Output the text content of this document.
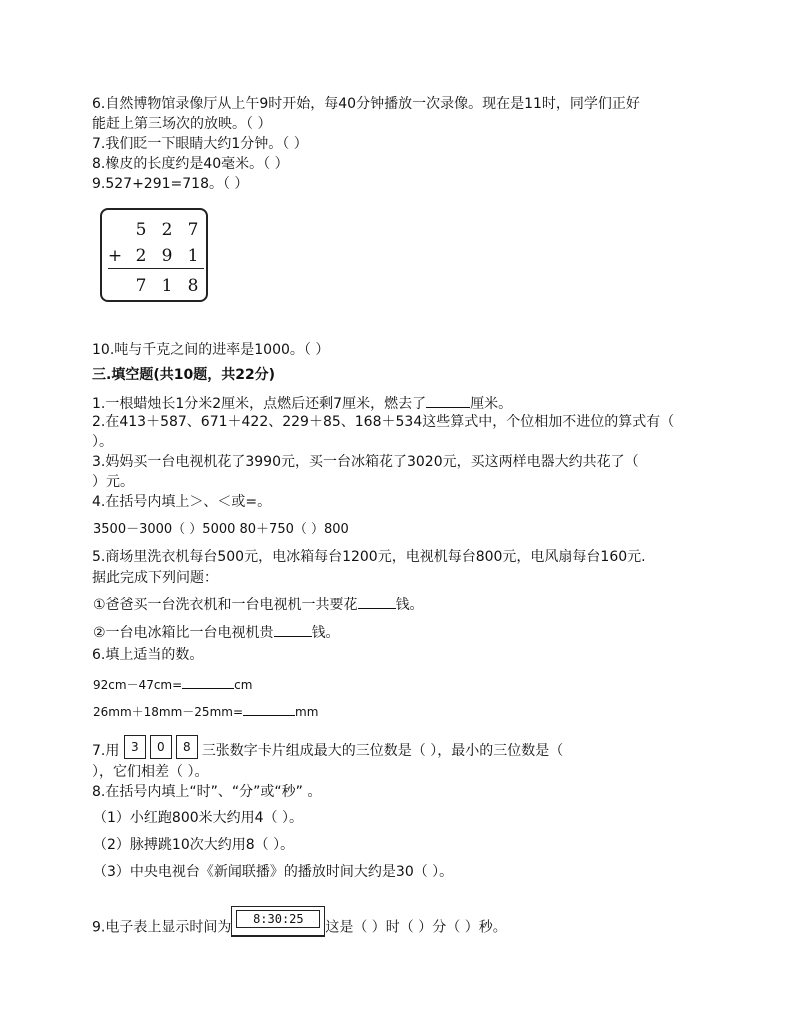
6.自然博物馆录像厅从上午9时开始，每40分钟播放一次录像。现在是11时，同学们正好
能赶上第三场次的放映。（ ）
7.我们眨一下眼睛大约1分钟。（ ）
8.橡皮的长度约是40毫米。（ ）
9.527+291=718。（ ）
5 2 7
+ 2 9 1
7 1 8
10.吨与千克之间的进率是1000。（ ）
三.填空题(共10题，共22分)
1.一根蜡烛长1分米2厘米，点燃后还剩7厘米，燃去了	厘米。
2.在413＋587、671＋422、229＋85、168＋534这些算式中，个位相加不进位的算式有（
）。
3.妈妈买一台电视机花了3990元，买一台冰箱花了3020元，买这两样电器大约共花了（
）元。
4.在括号内填上＞、＜或=。
3500－3000（ ）5000 80＋750（ ）800
5.商场里洗衣机每台500元，电冰箱每台1200元，电视机每台800元，电风扇每台160元.
据此完成下列问题：
①爸爸买一台洗衣机和一台电视机一共要花	钱。
②一台电冰箱比一台电视机贵	钱。
6.填上适当的数。
92cm－47cm=	cm
26mm＋18mm－25mm=	mm
7.用 3 0 8 三张数字卡片组成最大的三位数是（ ），最小的三位数是（
），它们相差（ ）。
8.在括号内填上“时”、“分”或“秒” 。
（1）小红跑800米大约用4（ ）。
（2）脉搏跳10次大约用8（ ）。
（3）中央电视台《新闻联播》的播放时间大约是30（ ）。
9.电子表上显示时间为
8:30:25
这是（ ）时（ ）分（ ）秒。
